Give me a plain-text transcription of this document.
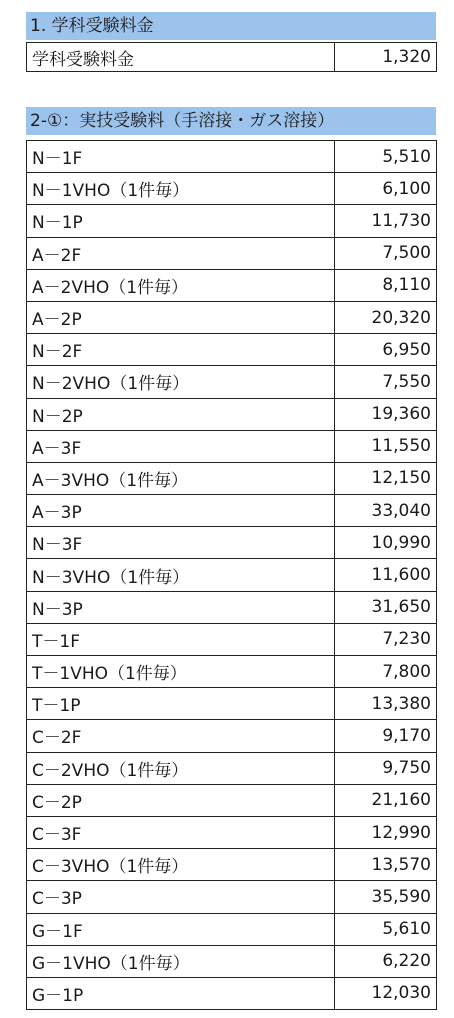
1. 学科受験料金
学科受験料金	1,320
2-①：実技受験料（手溶接・ガス溶接）
N－1F	5,510
N－1VHO（1件毎）	6,100
N－1P	11,730
A－2F	7,500
A－2VHO（1件毎）	8,110
A－2P	20,320
N－2F	6,950
N－2VHO（1件毎）	7,550
N－2P	19,360
A－3F	11,550
A－3VHO（1件毎）	12,150
A－3P	33,040
N－3F	10,990
N－3VHO（1件毎）	11,600
N－3P	31,650
T－1F	7,230
T－1VHO（1件毎）	7,800
T－1P	13,380
C－2F	9,170
C－2VHO（1件毎）	9,750
C－2P	21,160
C－3F	12,990
C－3VHO（1件毎）	13,570
C－3P	35,590
G－1F	5,610
G－1VHO（1件毎）	6,220
G－1P	12,030
